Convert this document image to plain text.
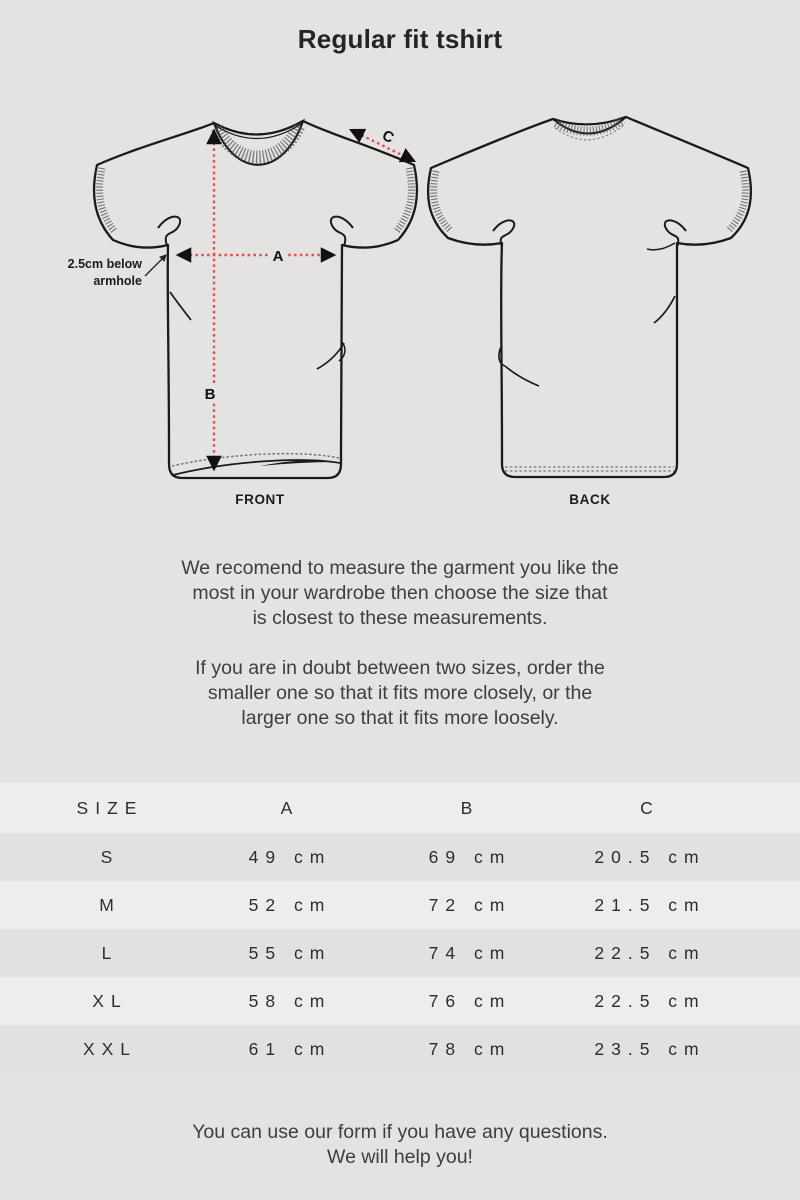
Regular fit tshirt
A
B
C
2.5cm below
armhole
FRONT	BACK

We recomend to measure the garment you like the
most in your wardrobe then choose the size that
is closest to these measurements.

If you are in doubt between two sizes, order the
smaller one so that it fits more closely, or the
larger one so that it fits more loosely.

SIZE	A	B	C
S	49 cm	69 cm	20.5 cm
M	52 cm	72 cm	21.5 cm
L	55 cm	74 cm	22.5 cm
XL	58 cm	76 cm	22.5 cm
XXL	61 cm	78 cm	23.5 cm
You can use our form if you have any questions.
We will help you!
